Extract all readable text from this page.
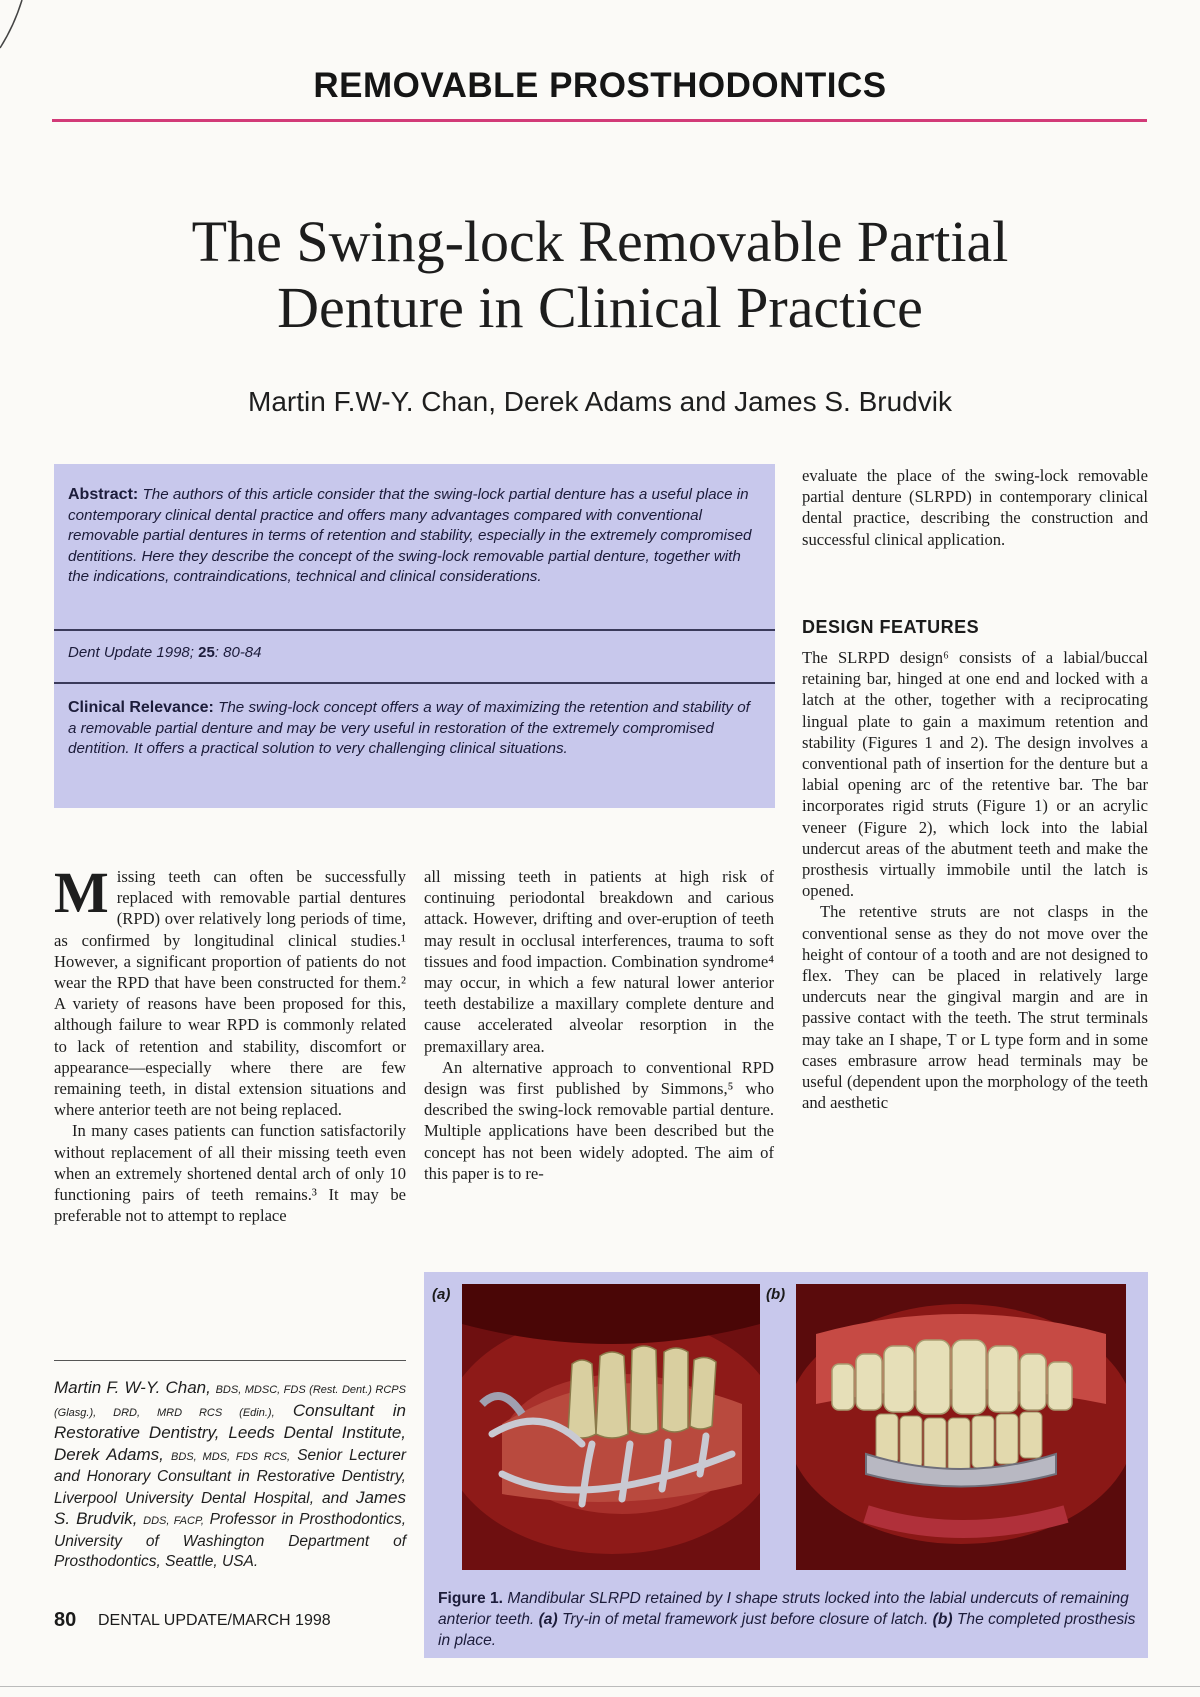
REMOVABLE PROSTHODONTICS
The Swing-lock Removable Partial
Denture in Clinical Practice
Martin F.W-Y. Chan, Derek Adams and James S. Brudvik
Abstract: The authors of this article consider that the swing-lock partial denture has a useful place in contemporary clinical dental practice and offers many advantages compared with conventional removable partial dentures in terms of retention and stability, especially in the extremely compromised dentitions. Here they describe the concept of the swing-lock removable partial denture, together with the indications, contraindications, technical and clinical considerations.
Dent Update 1998; 25: 80-84
Clinical Relevance: The swing-lock concept offers a way of maximizing the retention and stability of a removable partial denture and may be very useful in restoration of the extremely compromised dentition. It offers a practical solution to very challenging clinical situations.

evaluate the place of the swing-lock removable partial denture (SLRPD) in contemporary clinical dental practice, describing the construction and successful clinical application.

DESIGN FEATURES

The SLRPD design⁶ consists of a labial/buccal retaining bar, hinged at one end and locked with a latch at the other, together with a reciprocating lingual plate to gain a maximum retention and stability (Figures 1 and 2). The design involves a conventional path of insertion for the denture but a labial opening arc of the retentive bar. The bar incorporates rigid struts (Figure 1) or an acrylic veneer (Figure 2), which lock into the labial undercut areas of the abutment teeth and make the prosthesis virtually immobile until the latch is opened.

The retentive struts are not clasps in the conventional sense as they do not move over the height of contour of a tooth and are not designed to flex. They can be placed in relatively large undercuts near the gingival margin and are in passive contact with the teeth. The strut terminals may take an I shape, T or L type form and in some cases embrasure arrow head terminals may be useful (dependent upon the morphology of the teeth and aesthetic

Missing teeth can often be successfully replaced with removable partial dentures (RPD) over relatively long periods of time, as confirmed by longitudinal clinical studies.¹ However, a significant proportion of patients do not wear the RPD that have been constructed for them.² A variety of reasons have been proposed for this, although failure to wear RPD is commonly related to lack of retention and stability, discomfort or appearance—especially where there are few remaining teeth, in distal extension situations and where anterior teeth are not being replaced.

In many cases patients can function satisfactorily without replacement of all their missing teeth even when an extremely shortened dental arch of only 10 functioning pairs of teeth remains.³ It may be preferable not to attempt to replace

all missing teeth in patients at high risk of continuing periodontal breakdown and carious attack. However, drifting and over-eruption of teeth may result in occlusal interferences, trauma to soft tissues and food impaction. Combination syndrome⁴ may occur, in which a few natural lower anterior teeth destabilize a maxillary complete denture and cause accelerated alveolar resorption in the premaxillary area.

An alternative approach to conventional RPD design was first published by Simmons,⁵ who described the swing-lock removable partial denture. Multiple applications have been described but the concept has not been widely adopted. The aim of this paper is to re-

Martin F. W-Y. Chan, BDS, MDSC, FDS (Rest. Dent.) RCPS (Glasg.), DRD, MRD RCS (Edin.), Consultant in Restorative Dentistry, Leeds Dental Institute, Derek Adams, BDS, MDS, FDS RCS, Senior Lecturer and Honorary Consultant in Restorative Dentistry, Liverpool University Dental Hospital, and James S. Brudvik, DDS, FACP, Professor in Prosthodontics, University of Washington Department of Prosthodontics, Seattle, USA.
(a)	(b)
Figure 1. Mandibular SLRPD retained by I shape struts locked into the labial undercuts of remaining anterior teeth. (a) Try-in of metal framework just before closure of latch. (b) The completed prosthesis in place.
80 DENTAL UPDATE/MARCH 1998
